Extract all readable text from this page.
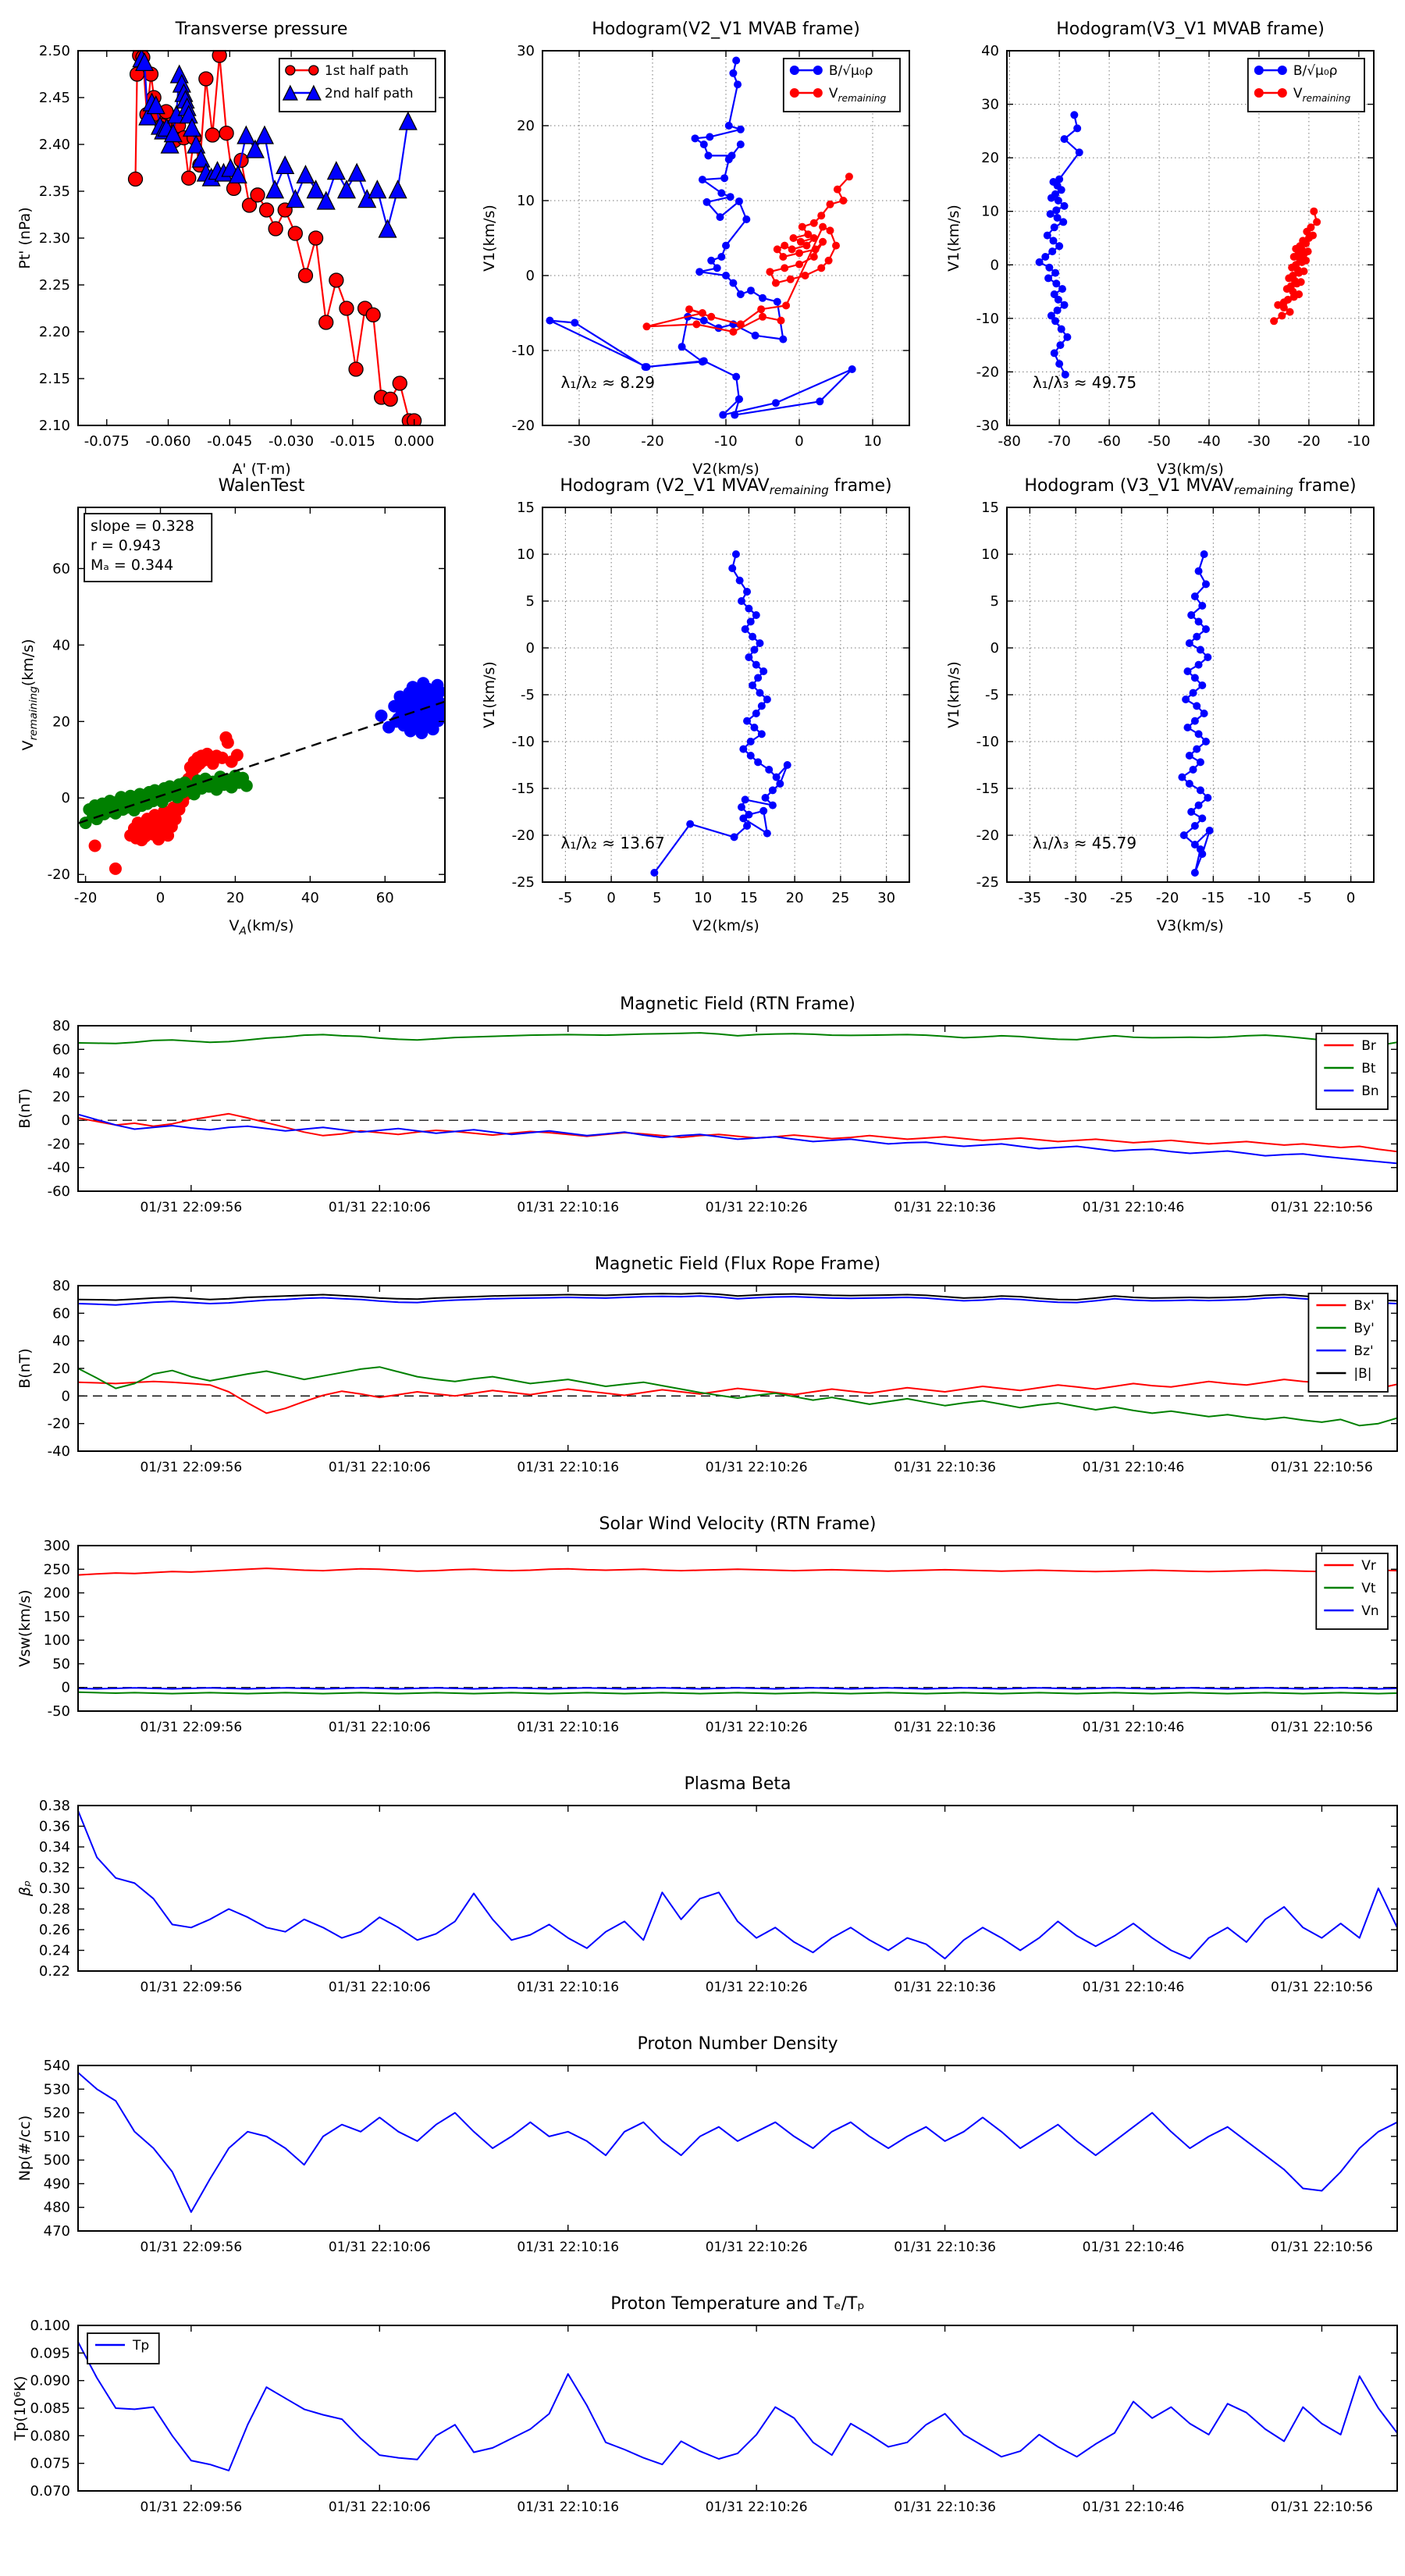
-0.075 -0.060 -0.045 -0.030 -0.015 0.000
2.10
2.15
2.20
2.25
2.30
2.35
2.40
2.45
2.50
A' (T·m)
Pt' (nPa)
1st half path
2nd half path
-30	-20	-10	0	10
-20
-10
0
10
20
30
V2(km/s)
V1(km/s)
λ₁/λ₂ ≈ 8.29
B/√μ₀ρ
$V_{remaining}$
-80 -70 -60 -50 -40 -30 -20 -10
-30
-20
-10
0
10
20
30
40
V3(km/s)
V1(km/s)
λ₁/λ₃ ≈ 49.75
B/√μ₀ρ
$V_{remaining}$
-20	0	20	40	60
-20
0
20
40
60
$V_A(km/s)$
$V_{remaining}(km/s)$
slope = 0.328
r = 0.943
Mₐ = 0.344
-5 0	5 10 15 20 25 30
-25
-20
-15
-10
-5
0
5
10
15
V2(km/s)
V1(km/s)
λ₁/λ₂ ≈ 13.67
-35 -30 -25 -20 -15 -10 -5 0
-25
-20
-15
-10
-5
0
5
10
15
V3(km/s)
V1(km/s)
λ₁/λ₃ ≈ 45.79
01/31 22:09:56	01/31 22:10:06	01/31 22:10:16	01/31 22:10:26	01/31 22:10:36	01/31 22:10:46	01/31 22:10:56
-60
-40
-20
0
20
40
60
80
B(nT)
Br
Bt
Bn
01/31 22:09:56	01/31 22:10:06	01/31 22:10:16	01/31 22:10:26	01/31 22:10:36	01/31 22:10:46	01/31 22:10:56
-40
-20
0
20
40
60
80
B(nT)
Bx'
By'
Bz'
|B|
01/31 22:09:56	01/31 22:10:06	01/31 22:10:16	01/31 22:10:26	01/31 22:10:36	01/31 22:10:46	01/31 22:10:56
-50
0
50
100
150
200
250
300
Vsw(km/s)
Vr
Vt
Vn
01/31 22:09:56	01/31 22:10:06	01/31 22:10:16	01/31 22:10:26	01/31 22:10:36	01/31 22:10:46	01/31 22:10:56
0.22
0.24
0.26
0.28
0.30
0.32
0.34
0.36
0.38
βₚ
01/31 22:09:56	01/31 22:10:06	01/31 22:10:16	01/31 22:10:26	01/31 22:10:36	01/31 22:10:46	01/31 22:10:56
470
480
490
500
510
520
530
540
Np(#/cc)
01/31 22:09:56	01/31 22:10:06	01/31 22:10:16	01/31 22:10:26	01/31 22:10:36	01/31 22:10:46	01/31 22:10:56
0.070
0.075
0.080
0.085
0.090
0.095
0.100
Tp(10⁶K)
Tp
Transverse pressure	Hodogram(V2_V1 MVAB frame)	Hodogram(V3_V1 MVAB frame)
WalenTest	Hodogram (V2_V1 $MVAV_{remaining}$ frame)	Hodogram (V3_V1 $MVAV_{remaining}$ frame)
Magnetic Field (RTN Frame)
Magnetic Field (Flux Rope Frame)
Solar Wind Velocity (RTN Frame)
Plasma Beta
Proton Number Density
Proton Temperature and Tₑ/Tₚ
